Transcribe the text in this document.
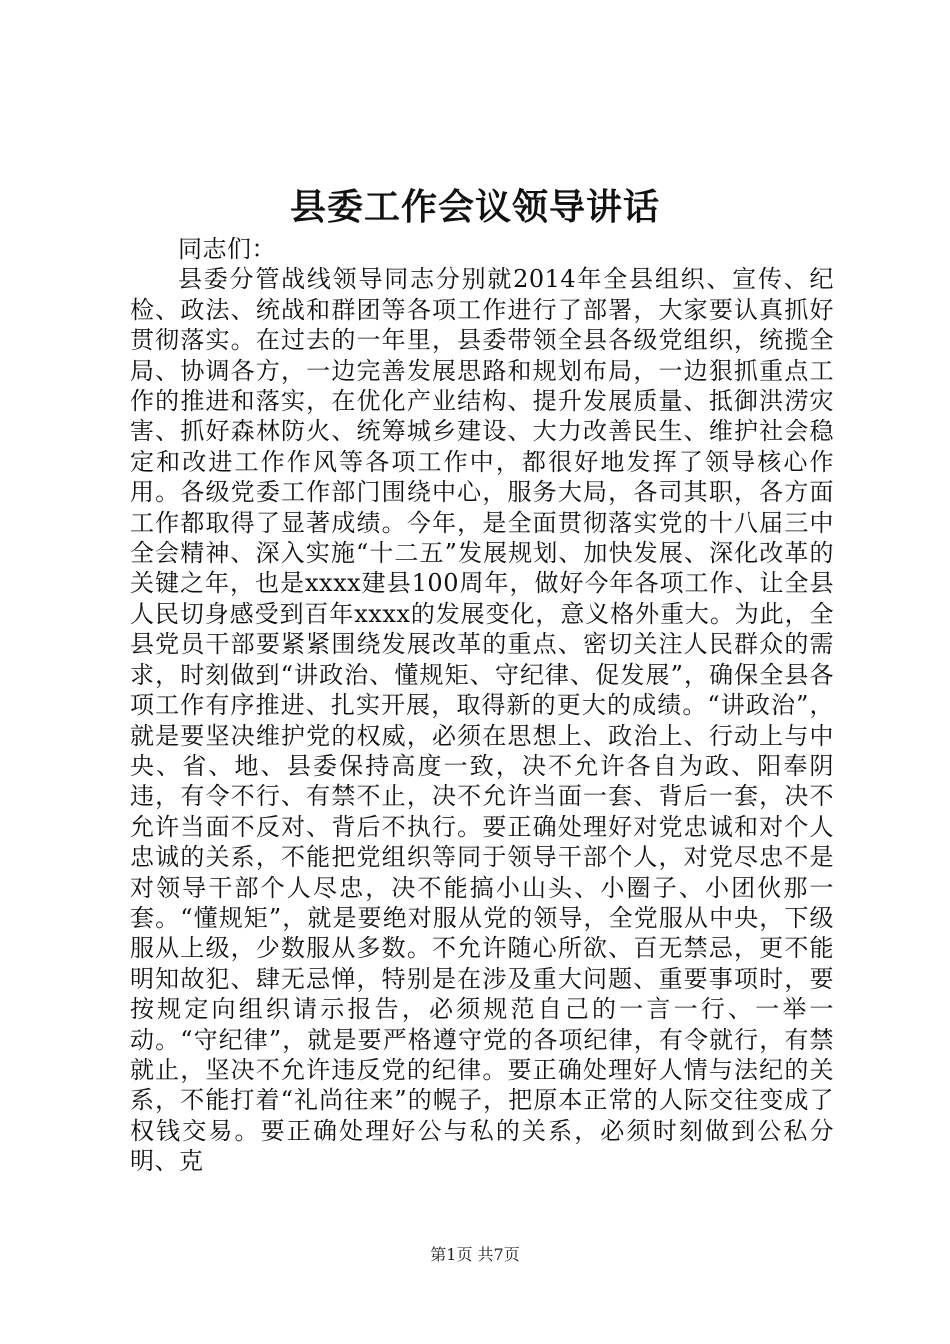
县委工作会议领导讲话

同志们：

县委分管战线领导同志分别就2014年全县组织、宣传、纪检、政法、统战和群团等各项工作进行了部署，大家要认真抓好贯彻落实。在过去的一年里，县委带领全县各级党组织，统揽全局、协调各方，一边完善发展思路和规划布局，一边狠抓重点工作的推进和落实，在优化产业结构、提升发展质量、抵御洪涝灾害、抓好森林防火、统筹城乡建设、大力改善民生、维护社会稳定和改进工作作风等各项工作中，都很好地发挥了领导核心作用。各级党委工作部门围绕中心，服务大局，各司其职，各方面工作都取得了显著成绩。今年，是全面贯彻落实党的十八届三中全会精神、深入实施“十二五”发展规划、加快发展、深化改革的关键之年，也是xxxx建县100周年，做好今年各项工作、让全县人民切身感受到百年xxxx的发展变化，意义格外重大。为此，全县党员干部要紧紧围绕发展改革的重点、密切关注人民群众的需求，时刻做到“讲政治、懂规矩、守纪律、促发展”，确保全县各项工作有序推进、扎实开展，取得新的更大的成绩。“讲政治”，就是要坚决维护党的权威，必须在思想上、政治上、行动上与中央、省、地、县委保持高度一致，决不允许各自为政、阳奉阴违，有令不行、有禁不止，决不允许当面一套、背后一套，决不允许当面不反对、背后不执行。要正确处理好对党忠诚和对个人忠诚的关系，不能把党组织等同于领导干部个人，对党尽忠不是对领导干部个人尽忠，决不能搞小山头、小圈子、小团伙那一套。“懂规矩”，就是要绝对服从党的领导，全党服从中央，下级服从上级，少数服从多数。不允许随心所欲、百无禁忌，更不能明知故犯、肆无忌惮，特别是在涉及重大问题、重要事项时，要按规定向组织请示报告，必须规范自己的一言一行、一举一动。“守纪律”，就是要严格遵守党的各项纪律，有令就行，有禁就止，坚决不允许违反党的纪律。要正确处理好人情与法纪的关系，不能打着“礼尚往来”的幌子，把原本正常的人际交往变成了权钱交易。要正确处理好公与私的关系，必须时刻做到公私分明、克

第1页 共7页
